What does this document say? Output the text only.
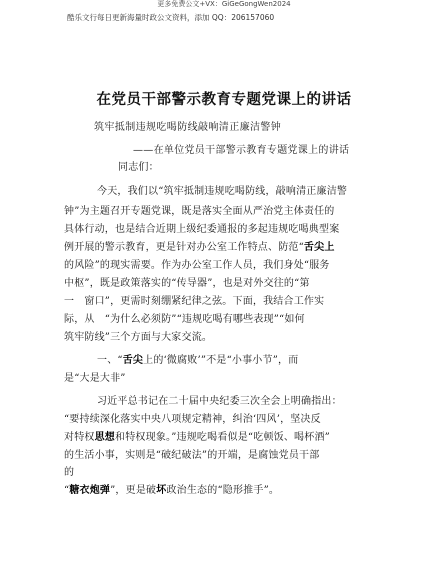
更多免费公文+VX：GiGeGongWen2024
酷乐文行每日更新海量时政公文资料，添加 QQ：206157060
在党员干部警示教育专题党课上的讲话
筑牢抵制违规吃喝防线敲响清正廉洁警钟
——在单位党员干部警示教育专题党课上的讲话
同志们：
今天，我们以“筑牢抵制违规吃喝防线，敲响清正廉洁警
钟”为主题召开专题党课，既是落实全面从严治党主体责任的
具体行动，也是结合近期上级纪委通报的多起违规吃喝典型案
例开展的警示教育，更是针对办公室工作特点、防范“舌尖上
的风险”的现实需要。作为办公室工作人员，我们身处“服务
中枢”，既是政策落实的“传导器”，也是对外交往的“第
一　窗口”，更需时刻绷紧纪律之弦。下面，我结合工作实
际，从　“为什么必须防”“违规吃喝有哪些表现”“如何
筑牢防线”三个方面与大家交流。
一、“舌尖上的‘微腐败’”不是“小事小节”，而
是“大是大非”
习近平总书记在二十届中央纪委三次全会上明确指出：
“要持续深化落实中央八项规定精神，纠治‘四风’，坚决反
对特权思想和特权现象。”违规吃喝看似是“吃顿饭、喝杯酒”
的生活小事，实则是“破纪破法”的开端，是腐蚀党员干部
的
“糖衣炮弹”，更是破坏政治生态的“隐形推手”。
